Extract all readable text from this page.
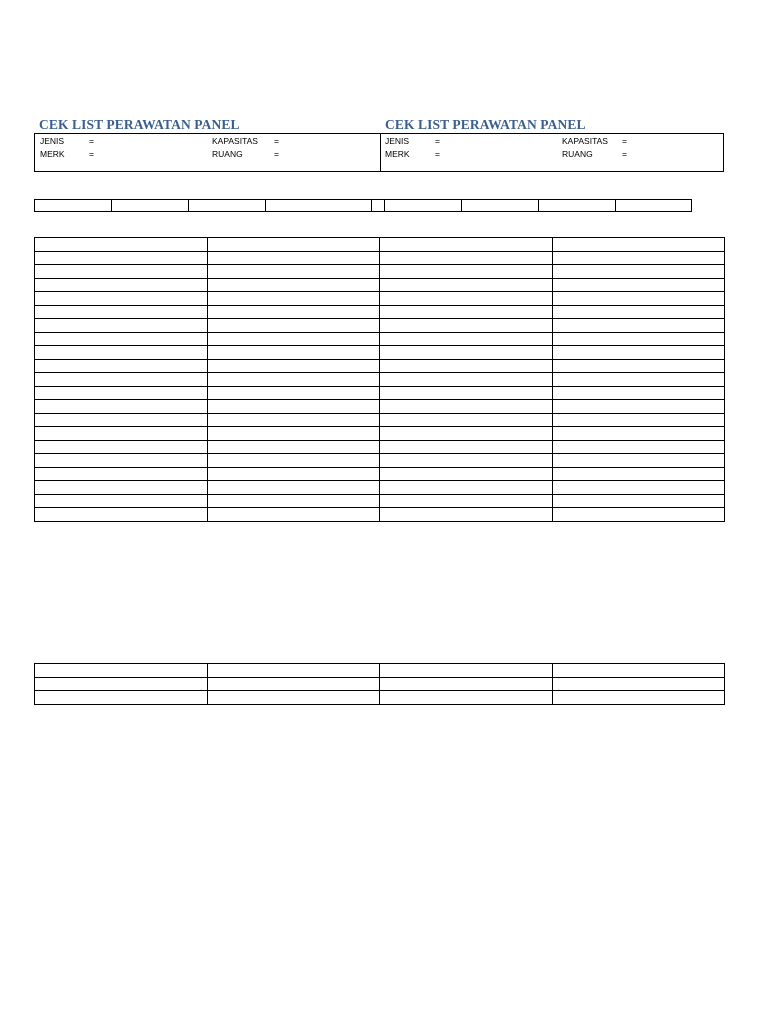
CEK LIST PERAWATAN PANEL	CEK LIST PERAWATAN PANEL
JENIS	=
MERK	=
KAPASITAS =
RUANG	=
JENIS	=
MERK	=
KAPASITAS =
RUANG	=
